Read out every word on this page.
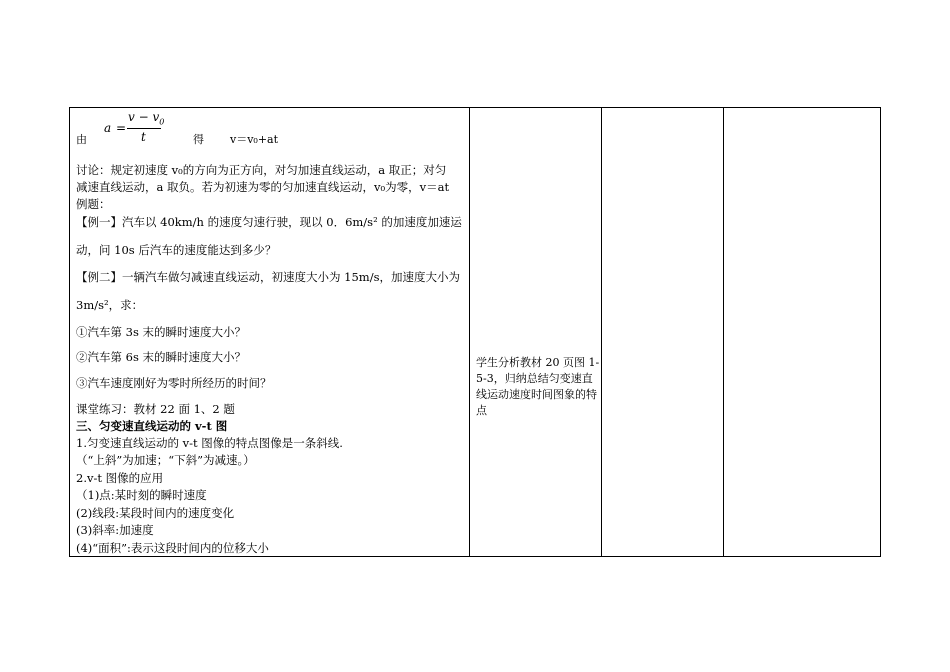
由
a =
$v - v_0$
t	得 v＝v₀+at
讨论：规定初速度 v₀的方向为正方向，对匀加速直线运动，a 取正；对匀
减速直线运动，a 取负。若为初速为零的匀加速直线运动，v₀为零，v＝at
例题：
【例一】汽车以 40km/h 的速度匀速行驶，现以 0．6m/s² 的加速度加速运
动，问 10s 后汽车的速度能达到多少？
【例二】一辆汽车做匀减速直线运动，初速度大小为 15m/s，加速度大小为
3m/s²，求：
①汽车第 3s 末的瞬时速度大小？
②汽车第 6s 末的瞬时速度大小？
③汽车速度刚好为零时所经历的时间？
课堂练习：教材 22 面 1、2 题
三、匀变速直线运动的 v-t 图
1.匀变速直线运动的 v-t 图像的特点图像是一条斜线.
（“上斜”为加速；“下斜”为减速。）
2.v-t 图像的应用
（1)点:某时刻的瞬时速度
(2)线段:某段时间内的速度变化
(3)斜率:加速度
(4)“面积”:表示这段时间内的位移大小
学生分析教材 20 页图 1-5-3，归纳总结匀变速直线运动速度时间图象的特点
